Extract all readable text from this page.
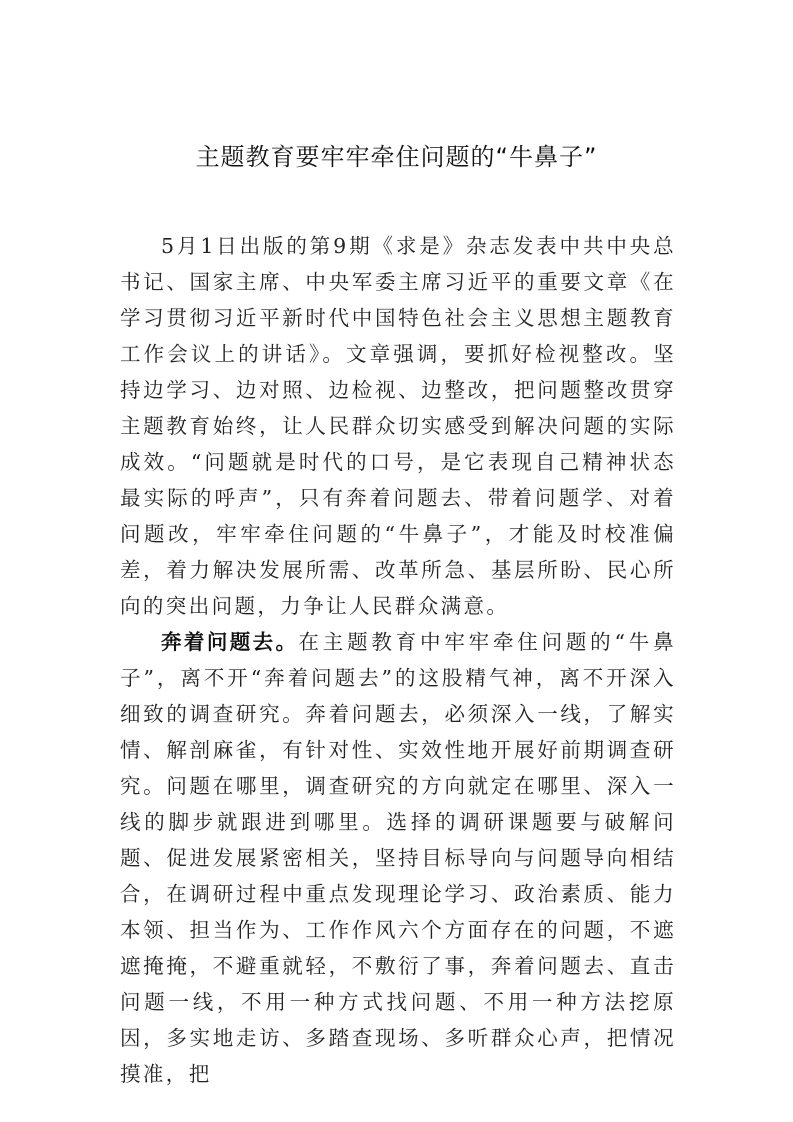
主题教育要牢牢牵住问题的“牛鼻子”

5月1日出版的第9期《求是》杂志发表中共中央总书记、国家主席、中央军委主席习近平的重要文章《在学习贯彻习近平新时代中国特色社会主义思想主题教育工作会议上的讲话》。文章强调，要抓好检视整改。坚持边学习、边对照、边检视、边整改，把问题整改贯穿主题教育始终，让人民群众切实感受到解决问题的实际成效。“问题就是时代的口号，是它表现自己精神状态最实际的呼声”，只有奔着问题去、带着问题学、对着问题改，牢牢牵住问题的“牛鼻子”，才能及时校准偏差，着力解决发展所需、改革所急、基层所盼、民心所向的突出问题，力争让人民群众满意。

奔着问题去。在主题教育中牢牢牵住问题的“牛鼻子”，离不开“奔着问题去”的这股精气神，离不开深入细致的调查研究。奔着问题去，必须深入一线，了解实情、解剖麻雀，有针对性、实效性地开展好前期调查研究。问题在哪里，调查研究的方向就定在哪里、深入一线的脚步就跟进到哪里。选择的调研课题要与破解问题、促进发展紧密相关，坚持目标导向与问题导向相结合，在调研过程中重点发现理论学习、政治素质、能力本领、担当作为、工作作风六个方面存在的问题，不遮遮掩掩，不避重就轻，不敷衍了事，奔着问题去、直击问题一线，不用一种方式找问题、不用一种方法挖原因，多实地走访、多踏查现场、多听群众心声，把情况摸准，把
